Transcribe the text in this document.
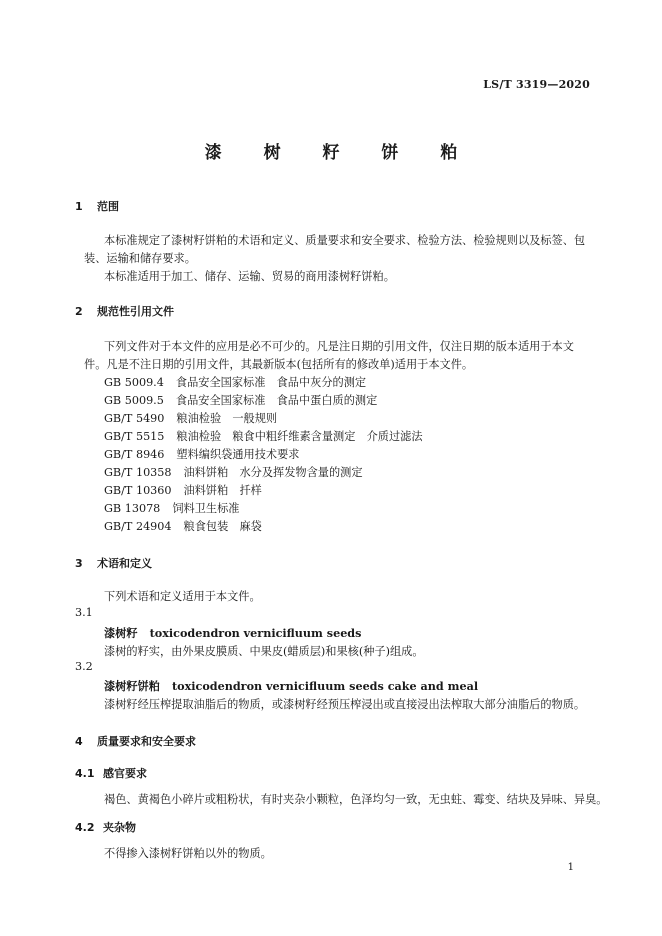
LS/T 3319—2020
漆 树 籽 饼 粕
1 范围
本标准规定了漆树籽饼粕的术语和定义、质量要求和安全要求、检验方法、检验规则以及标签、包
装、运输和储存要求。
本标准适用于加工、储存、运输、贸易的商用漆树籽饼粕。
2 规范性引用文件
下列文件对于本文件的应用是必不可少的。凡是注日期的引用文件，仅注日期的版本适用于本文
件。凡是不注日期的引用文件，其最新版本(包括所有的修改单)适用于本文件。
GB 5009.4 食品安全国家标准　食品中灰分的测定
GB 5009.5 食品安全国家标准　食品中蛋白质的测定
GB/T 5490 粮油检验　一般规则
GB/T 5515 粮油检验　粮食中粗纤维素含量测定　介质过滤法
GB/T 8946 塑料编织袋通用技术要求
GB/T 10358 油料饼粕　水分及挥发物含量的测定
GB/T 10360 油料饼粕　扦样
GB 13078 饲料卫生标准
GB/T 24904 粮食包装　麻袋
3 术语和定义
下列术语和定义适用于本文件。
3.1
漆树籽 toxicodendron vernicifluum seeds
漆树的籽实，由外果皮膜质、中果皮(蜡质层)和果核(种子)组成。
3.2
漆树籽饼粕 toxicodendron vernicifluum seeds cake and meal
漆树籽经压榨提取油脂后的物质，或漆树籽经预压榨浸出或直接浸出法榨取大部分油脂后的物质。
4 质量要求和安全要求
4.1 感官要求
褐色、黄褐色小碎片或粗粉状，有时夹杂小颗粒，色泽均匀一致，无虫蛀、霉变、结块及异味、异臭。
4.2 夹杂物
不得掺入漆树籽饼粕以外的物质。
1
